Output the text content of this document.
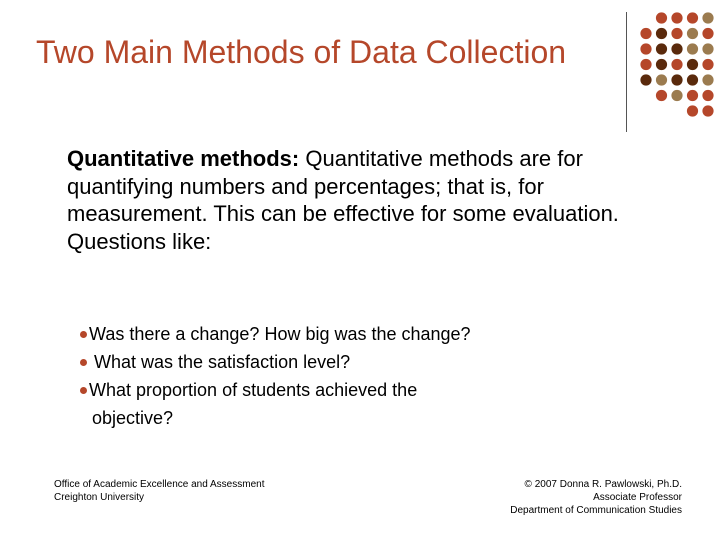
Two Main Methods of Data Collection
Quantitative methods: Quantitative methods are for quantifying numbers and percentages; that is, for measurement. This can be effective for some evaluation. Questions like:
Was there a change? How big was the change?
What was the satisfaction level?
What proportion of students achieved the
objective?
Office of Academic Excellence and Assessment
Creighton University
© 2007 Donna R. Pawlowski, Ph.D.
Associate Professor
Department of Communication Studies
